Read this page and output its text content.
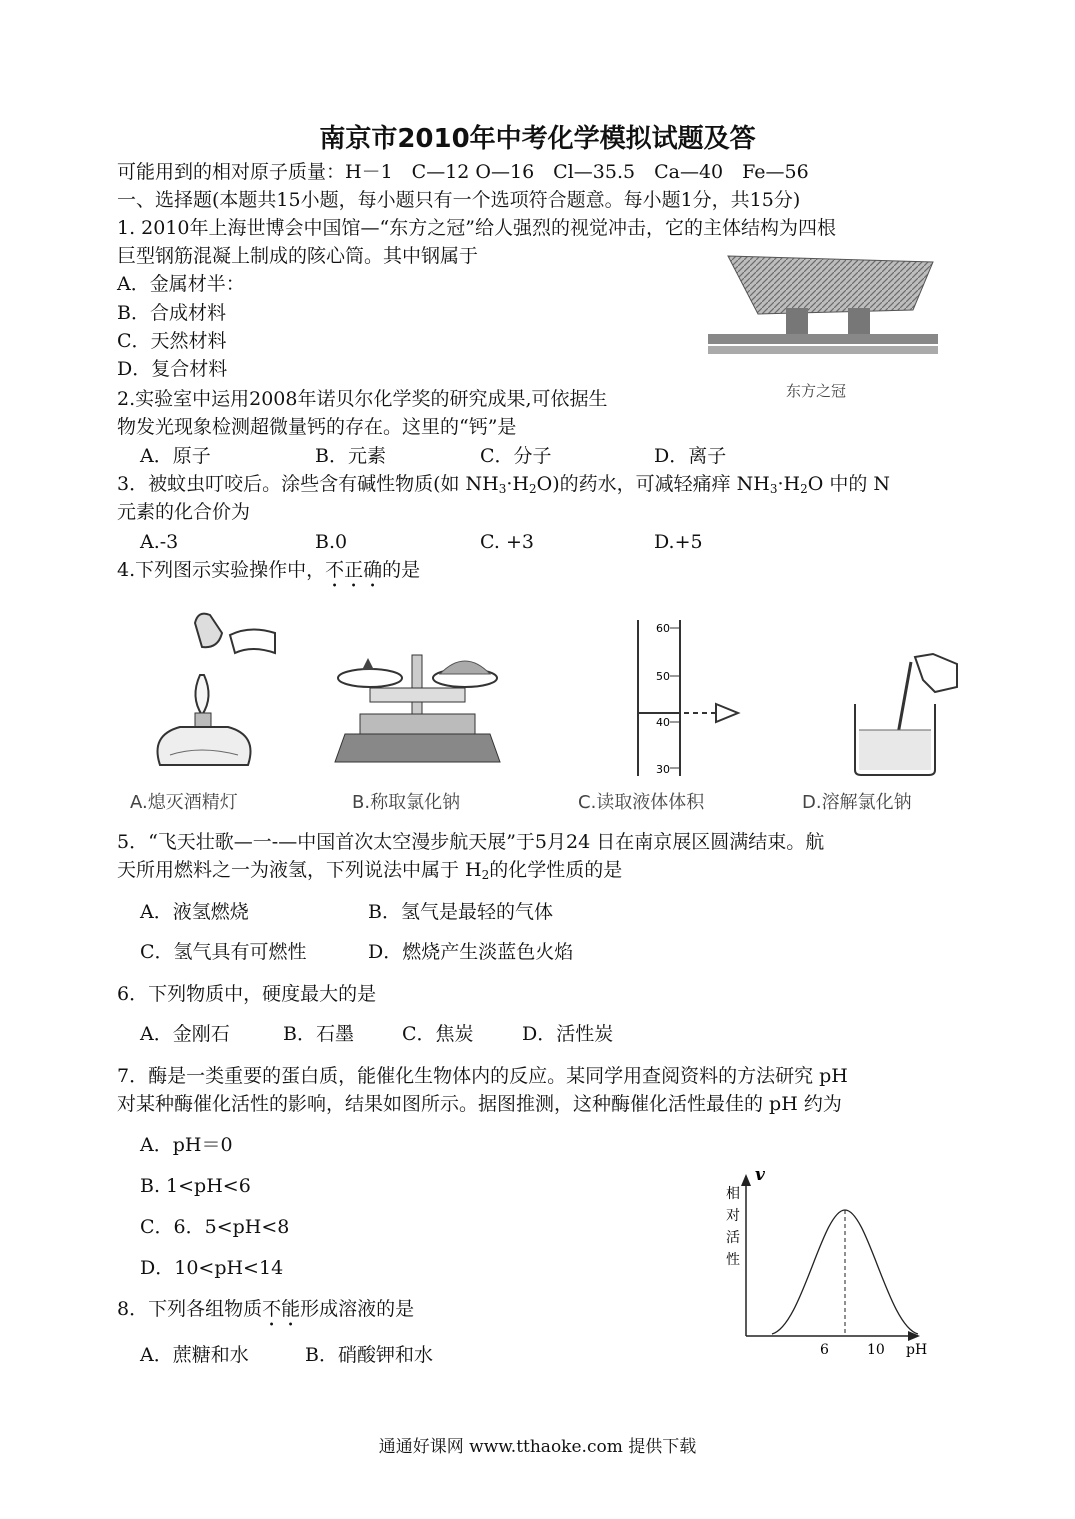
南京市2010年中考化学模拟试题及答
可能用到的相对原子质量：H－1　C—12 O—16　Cl—35.5　Ca—40　Fe—56
一、选择题(本题共15小题，每小题只有一个选项符合题意。每小题1分，共15分)
1. 2010年上海世博会中国馆—“东方之冠”给人强烈的视觉冲击，它的主体结构为四根
巨型钢筋混凝上制成的陔心筒。其中钢属于
A．金属材半：
B．合成材料
C．天然材料
D．复合材料
东方之冠
2.实验室中运用2008年诺贝尔化学奖的研究成果,可依据生
物发光现象检测超微量钙的存在。这里的“钙”是
A．原子	B．元素	C．分子	D．离子
3．被蚊虫叮咬后。涂些含有碱性物质(如 $NH_3\cdot H_2O$)的药水，可减轻痛痒 $NH_3\cdot H_2O$ 中的 N
元素的化合价为
A.-3	B.0	C. +3	D.+5
4.下列图示实验操作中，不正确的是
60
50
40
30
A.熄灭酒精灯	B.称取氯化钠	C.读取液体体积	D.溶解氯化钠
5．“飞天壮歌—一-—中国首次太空漫步航天展”于5月24 日在南京展区圆满结束。航
天所用燃料之一为液氢，下列说法中属于 $H_2$的化学性质的是
A．液氢燃烧	B．氢气是最轻的气体
C．氢气具有可燃性	D．燃烧产生淡蓝色火焰
6．下列物质中，硬度最大的是
A．金刚石	B．石墨	C．焦炭	D．活性炭
7．酶是一类重要的蛋白质，能催化生物体内的反应。某同学用查阅资料的方法研究 pH
对某种酶催化活性的影响，结果如图所示。据图推测，这种酶催化活性最佳的 pH 约为
A．pH＝0
B. 1<pH<6
C．6．5<pH<8
D．10<pH<14
v
相
对
活
性
6	10 pH
8．下列各组物质不能形成溶液的是
A．蔗糖和水	B．硝酸钾和水
通通好课网 www.tthaoke.com 提供下载
